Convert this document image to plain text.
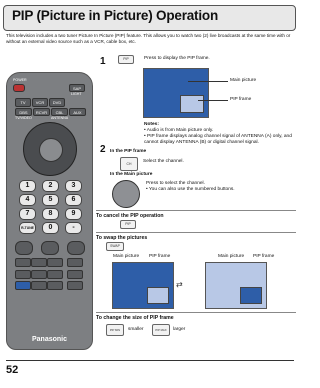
PIP (Picture in Picture) Operation
This television includes a two tuner Picture In Picture (PIP) feature. This allows you to watch two (2) live broadcasts at the same time with or without an external video source such as a VCR, cable box, etc.
POWER
SAP
LIGHT
TV	VCR	DVD
DBS	RCVR	CBL	AUX
TV/VIDEO	ANTENNA
1	2	3
4	5	6
7	8	9
R-TUNE	0	-
Panasonic
1	PIP	Press to display the PIP frame.
Main picture
PIP frame
Notes:
• Audio is from Main picture only.
• PIP frame displays analog channel signal of ANTENNA (A) only, and cannot display ANTENNA (B) or digital channel signal.
2 In the PIP frame
CH	Select the channel.
In the Main picture
Press to select the channel.
• You can also use the numbered buttons.
To cancel the PIP operation
PIP
To swap the pictures
SWAP
Main picture PIP frame
⇄
Main picture PIP frame
To change the size of PIP frame
PIP MIN	smaller	PIP MAX	larger
52
